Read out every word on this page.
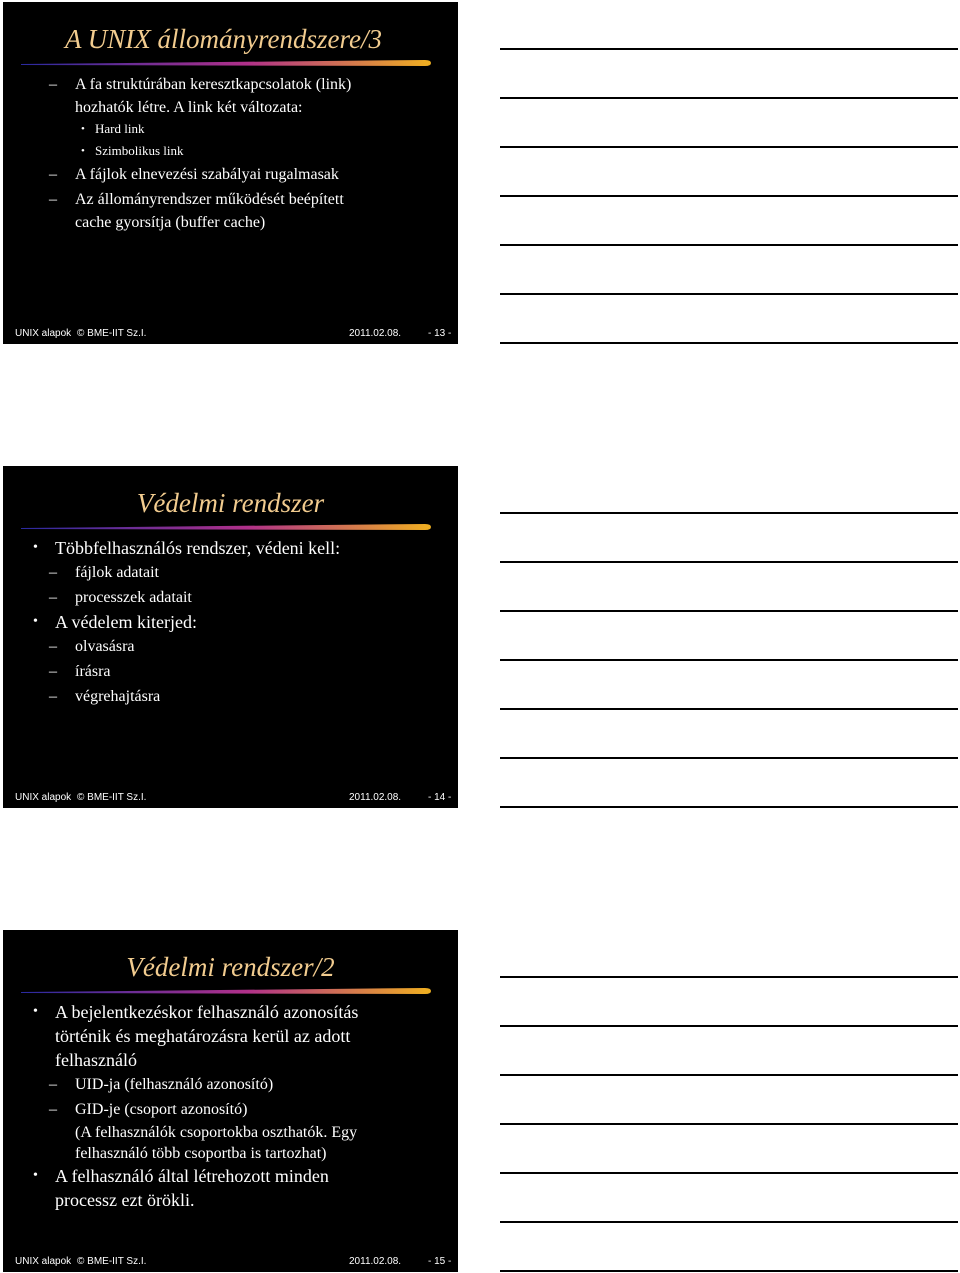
A UNIX állományrendszere/3
– A fa struktúrában keresztkapcsolatok (link)
hozhatók létre. A link két változata:
• Hard link
• Szimbolikus link
– A fájlok elnevezési szabályai rugalmasak
– Az állományrendszer működését beépített
cache gyorsítja (buffer cache)
UNIX alapok © BME-IIT Sz.I.	2011.02.08.	- 13 -
Védelmi rendszer
• Többfelhasználós rendszer, védeni kell:
– fájlok adatait
– processzek adatait
• A védelem kiterjed:
– olvasásra
– írásra
– végrehajtásra
UNIX alapok © BME-IIT Sz.I.	2011.02.08.	- 14 -
Védelmi rendszer/2
• A bejelentkezéskor felhasználó azonosítás
történik és meghatározásra kerül az adott
felhasználó
– UID-ja (felhasználó azonosító)
– GID-je (csoport azonosító)
(A felhasználók csoportokba oszthatók. Egy
felhasználó több csoportba is tartozhat)
• A felhasználó által létrehozott minden
processz ezt örökli.
UNIX alapok © BME-IIT Sz.I.	2011.02.08.	- 15 -
